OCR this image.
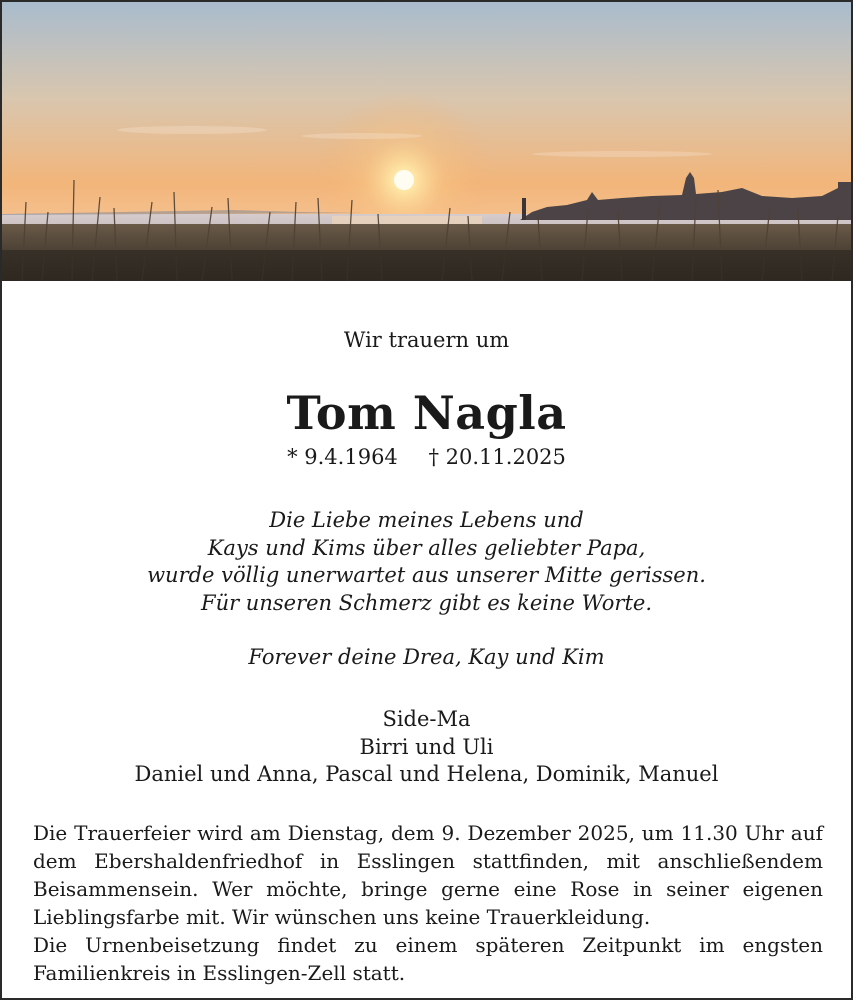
Wir trauern um
Tom Nagla
* 9.4.1964 † 20.11.2025
Die Liebe meines Lebens und
Kays und Kims über alles geliebter Papa,
wurde völlig unerwartet aus unserer Mitte gerissen.
Für unseren Schmerz gibt es keine Worte.
Forever deine Drea, Kay und Kim
Side-Ma
Birri und Uli
Daniel und Anna, Pascal und Helena, Dominik, Manuel

Die Trauerfeier wird am Dienstag, dem 9. Dezember 2025, um 11.30 Uhr auf dem Ebershaldenfriedhof in Esslingen stattfinden, mit anschließendem Beisammensein. Wer möchte, bringe gerne eine Rose in seiner eigenen Lieblingsfarbe mit. Wir wünschen uns keine Trauerkleidung.

Die Urnenbeisetzung findet zu einem späteren Zeitpunkt im engsten Familienkreis in Esslingen-Zell statt.
